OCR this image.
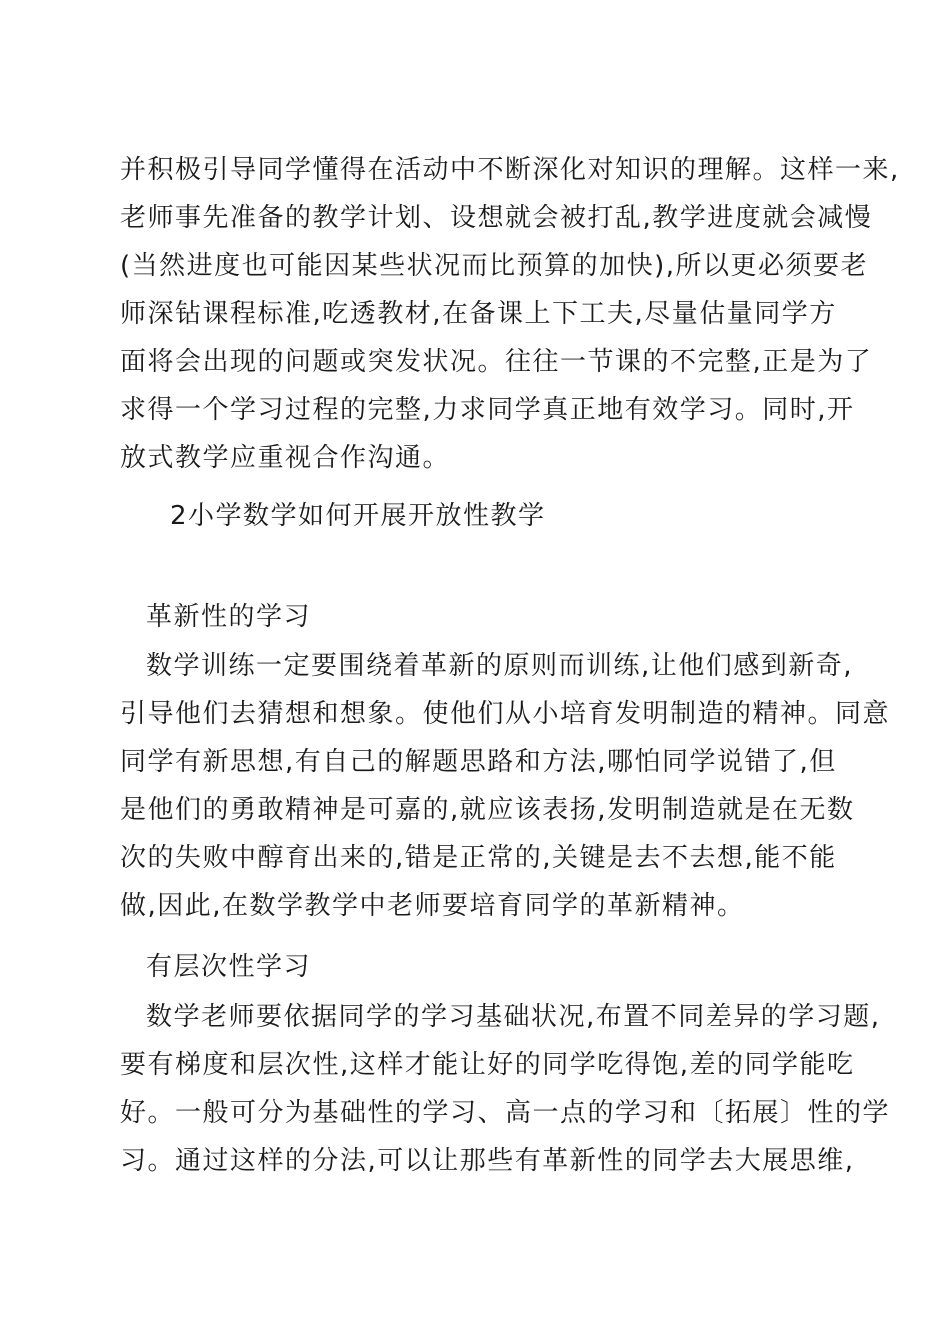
并积极引导同学懂得在活动中不断深化对知识的理解。这样一来,
老师事先准备的教学计划、设想就会被打乱,教学进度就会减慢
(当然进度也可能因某些状况而比预算的加快),所以更必须要老
师深钻课程标准,吃透教材,在备课上下工夫,尽量估量同学方
面将会出现的问题或突发状况。往往一节课的不完整,正是为了
求得一个学习过程的完整,力求同学真正地有效学习。同时,开
放式教学应重视合作沟通。
2小学数学如何开展开放性教学
革新性的学习
数学训练一定要围绕着革新的原则而训练,让他们感到新奇,
引导他们去猜想和想象。使他们从小培育发明制造的精神。同意
同学有新思想,有自己的解题思路和方法,哪怕同学说错了,但
是他们的勇敢精神是可嘉的,就应该表扬,发明制造就是在无数
次的失败中醇育出来的,错是正常的,关键是去不去想,能不能
做,因此,在数学教学中老师要培育同学的革新精神。
有层次性学习
数学老师要依据同学的学习基础状况,布置不同差异的学习题,
要有梯度和层次性,这样才能让好的同学吃得饱,差的同学能吃
好。一般可分为基础性的学习、高一点的学习和〔拓展〕性的学
习。通过这样的分法,可以让那些有革新性的同学去大展思维,
